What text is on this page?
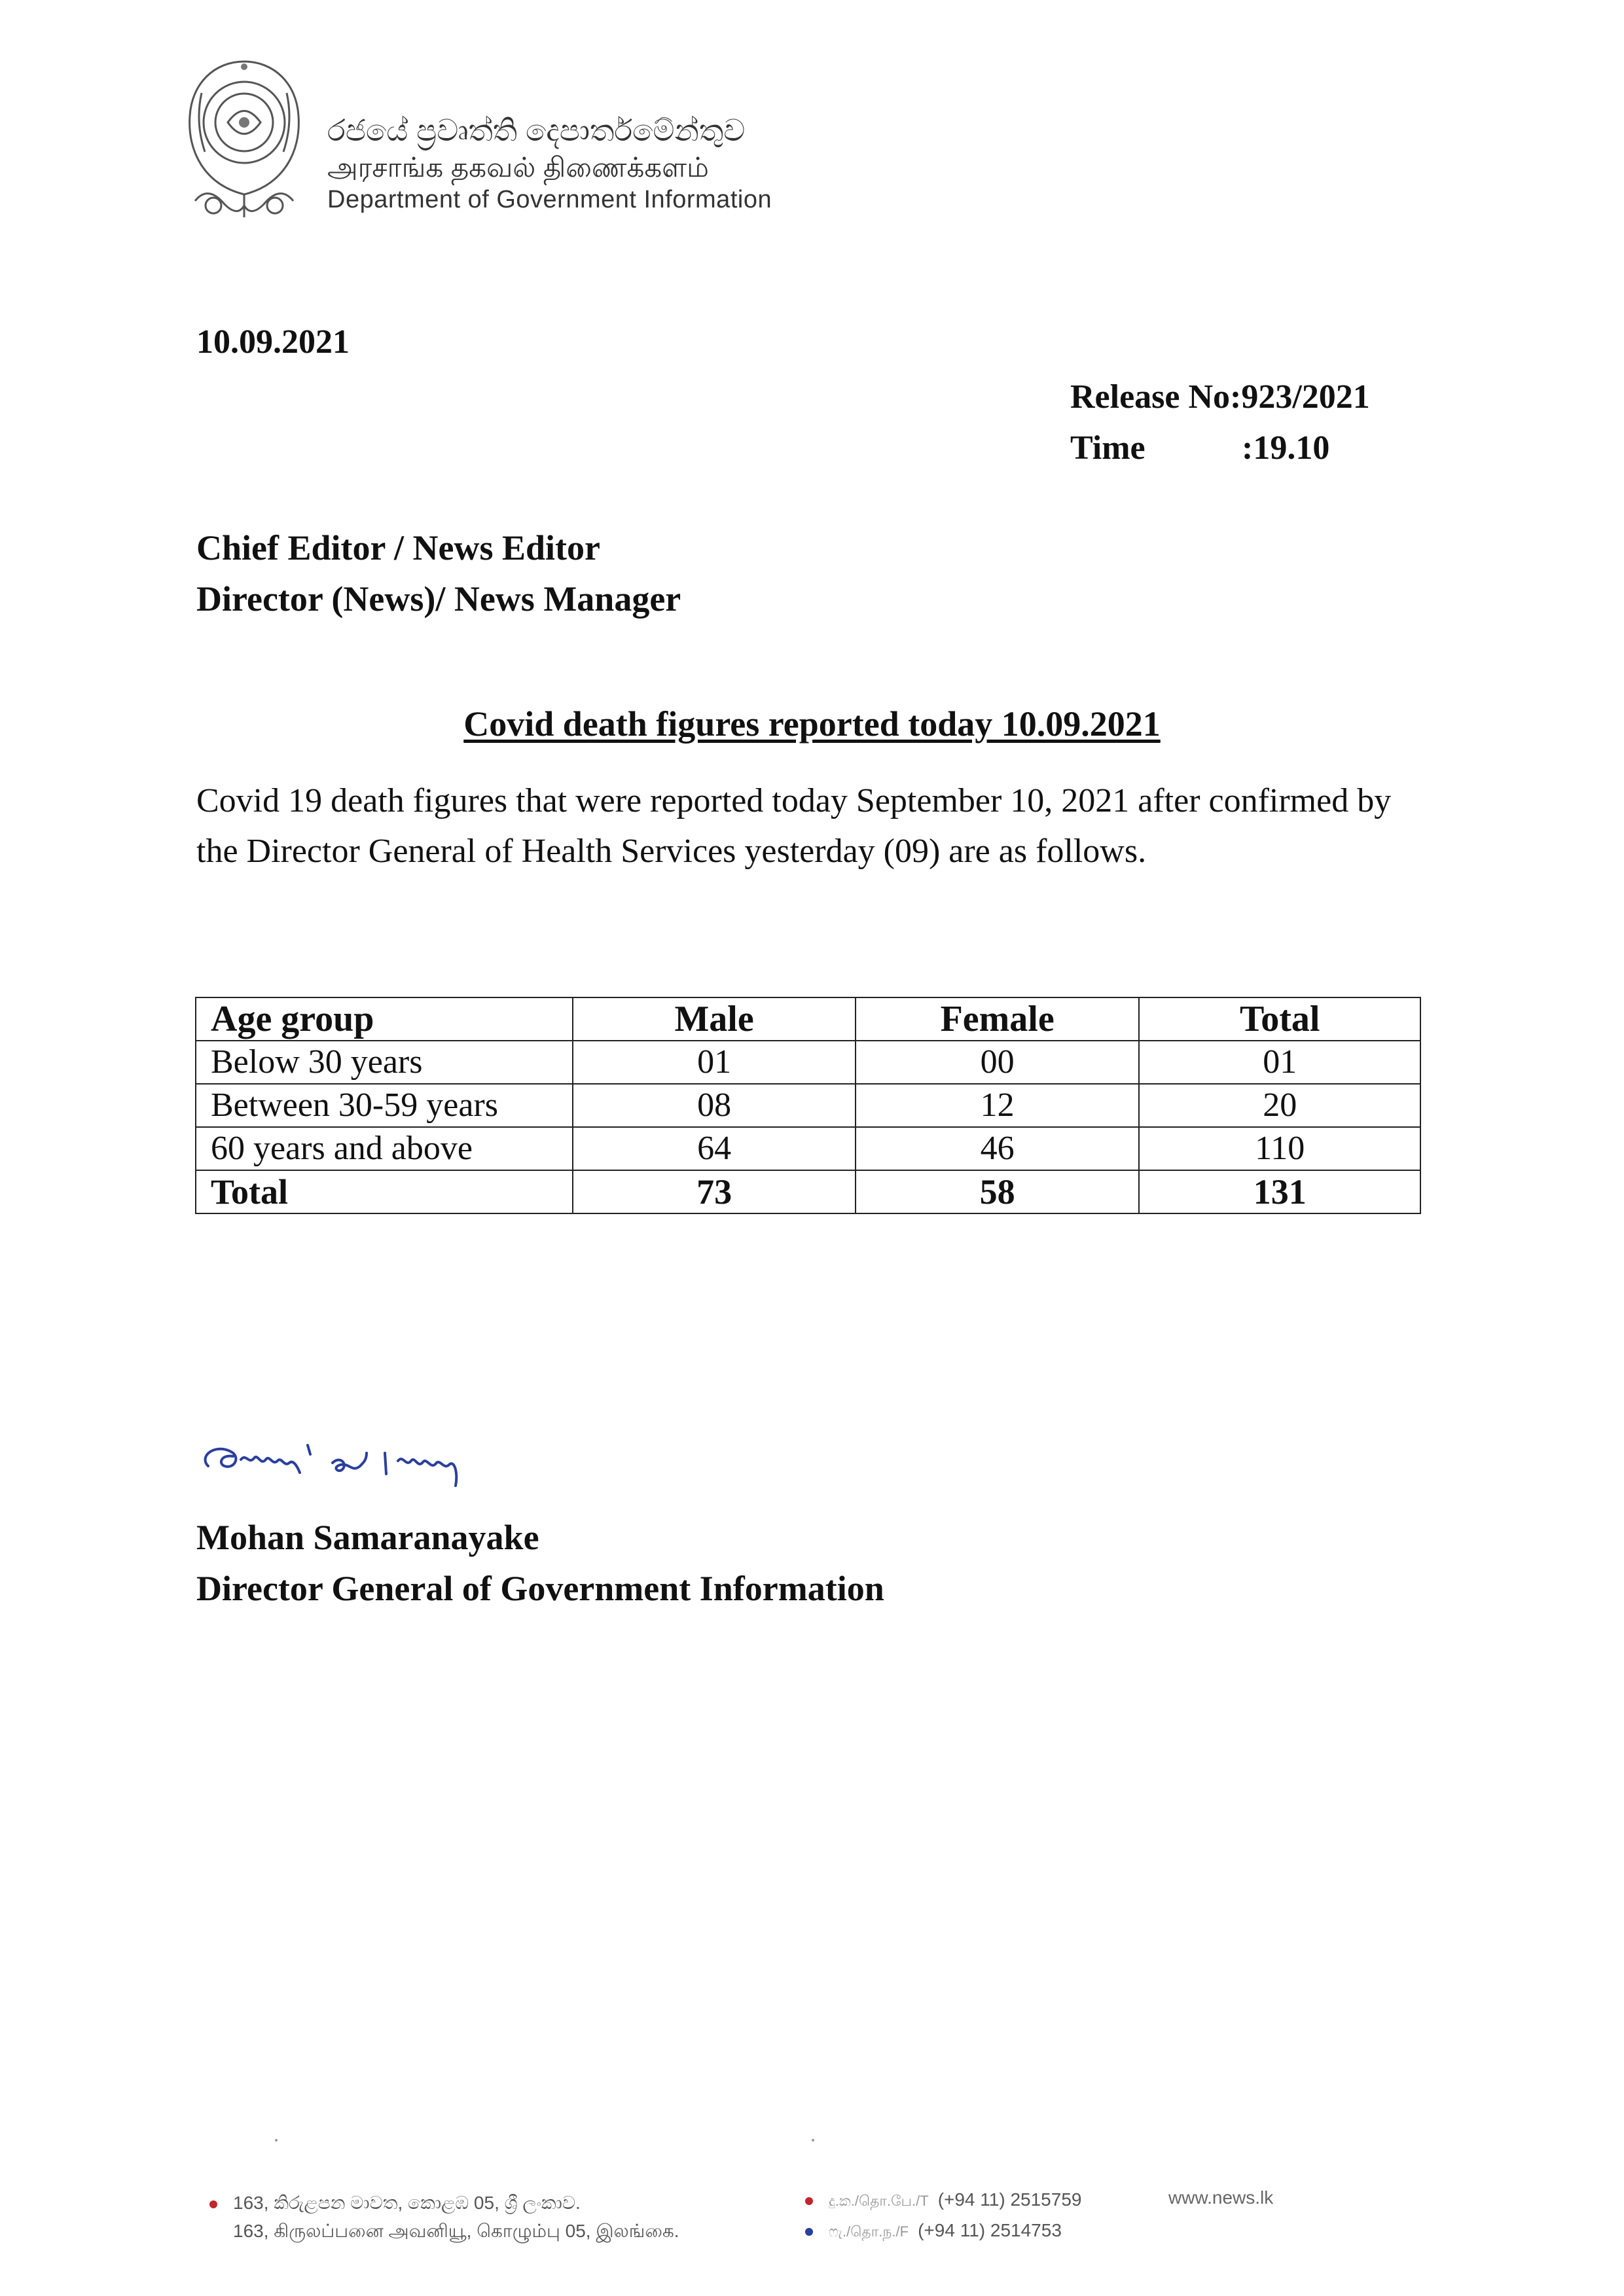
රජයේ ප්‍රවෘත්ති දෙපාර්තමේන්තුව
அரசாங்க தகவல் திணைக்களம்
Department of Government Information
10.09.2021
Release No: 923/2021
Time	:19.10
Chief Editor / News Editor
Director (News)/ News Manager
Covid death figures reported today 10.09.2021
Covid 19 death figures that were reported today September 10, 2021 after confirmed by the Director General of Health Services yesterday (09) are as follows.
Age group	Male	Female	Total
Below 30 years	01	00	01
Between 30-59 years	08	12	20
60 years and above	64	46	110
Total	73	58	131
Mohan Samaranayake
Director General of Government Information
163, කිරුළපන මාවත, කොළඹ 05, ශ්‍රී ලංකාව.
163, கிருலப்பனை அவனியூ, கொழும்பு 05, இலங்கை.
දු.ක./தொ.பே./T (+94 11) 2515759
ෆැ./தொ.ந./F (+94 11) 2514753
www.news.lk
